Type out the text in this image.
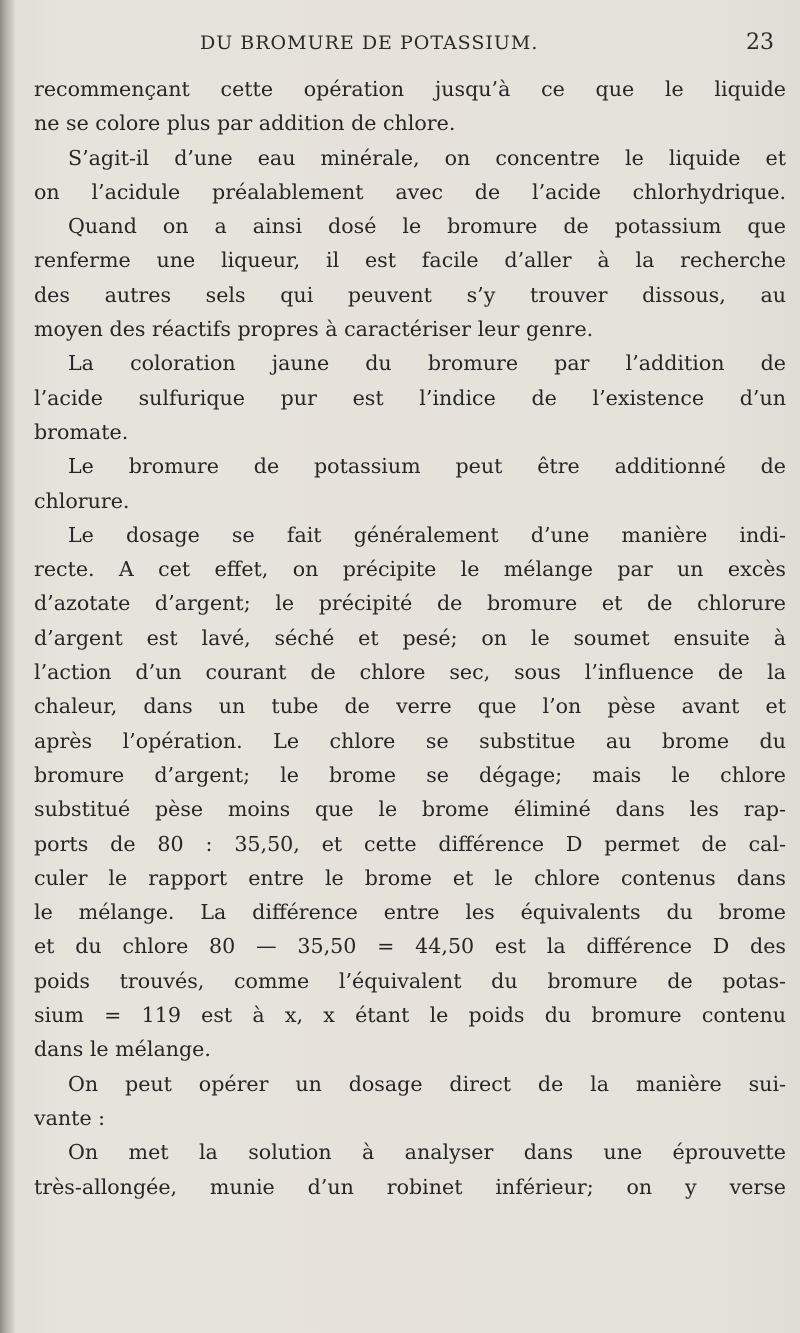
DU BROMURE DE POTASSIUM.	23
recommençant cette opération jusqu’à ce que le liquide
ne se colore plus par addition de chlore.
S’agit-il d’une eau minérale, on concentre le liquide et
on l’acidule préalablement avec de l’acide chlorhydrique.
Quand on a ainsi dosé le bromure de potassium que
renferme une liqueur, il est facile d’aller à la recherche
des autres sels qui peuvent s’y trouver dissous, au
moyen des réactifs propres à caractériser leur genre.
La coloration jaune du bromure par l’addition de
l’acide sulfurique pur est l’indice de l’existence d’un
bromate.
Le bromure de potassium peut être additionné de
chlorure.
Le dosage se fait généralement d’une manière indi-
recte. A cet effet, on précipite le mélange par un excès
d’azotate d’argent; le précipité de bromure et de chlorure
d’argent est lavé, séché et pesé; on le soumet ensuite à
l’action d’un courant de chlore sec, sous l’influence de la
chaleur, dans un tube de verre que l’on pèse avant et
après l’opération. Le chlore se substitue au brome du
bromure d’argent; le brome se dégage; mais le chlore
substitué pèse moins que le brome éliminé dans les rap-
ports de 80 : 35,50, et cette différence D permet de cal-
culer le rapport entre le brome et le chlore contenus dans
le mélange. La différence entre les équivalents du brome
et du chlore 80 — 35,50 = 44,50 est la différence D des
poids trouvés, comme l’équivalent du bromure de potas-
sium = 119 est à x, x étant le poids du bromure contenu
dans le mélange.
On peut opérer un dosage direct de la manière sui-
vante :
On met la solution à analyser dans une éprouvette
très-allongée, munie d’un robinet inférieur; on y verse
